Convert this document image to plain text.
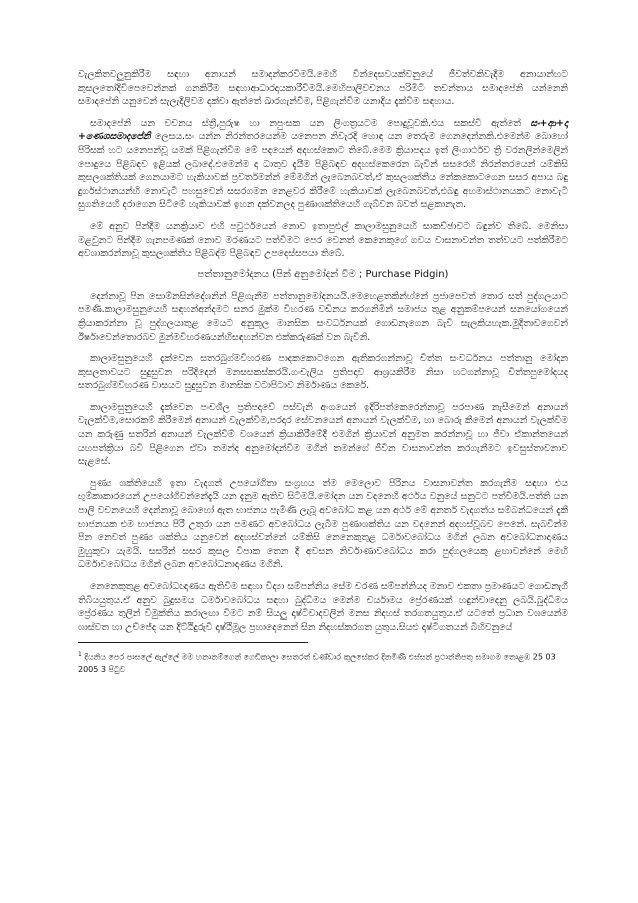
වැලකිතවලුනුකිරීම සඳහා අනායන් සමාදන්කරවීමයි.මෙහි වින්දෙසවයක්වනුයේ ජීවත්වකිවැදීම අනායාන්හට කුසලතෝදිවිපෙවෙන්නක් ගනකිරීම සඳහාආධාරදායකාරීවීමයි.මෙහිපාලිවචනය පරිමිටි තචන්තාය සමාදපේනි යන්නෙනි සමාදපේනි යනුවෙන් සැලැදිලිවම දක්වා ඇත්තේ ඛාරගැන්වීම, පිළිගැන්වීම යනාදිය දැක්වීම සඳහාය.

සමාදපේනි යන වචනය ස්ත්‍රී,පුරුෂ හා නපුංසක යන ලිංගත්‍රයටම පොදුවූවකි.එය සකස්වී ඇත්තේ සං+ආ+දා +ණෙශසමාදපේනි ලෙසය.සං යන්න නිරන්තරයෙන්ම යනෙපන නිවැරදි හොඳ යන තෙරුම ගෙනදෙන්නකි.එමෙන්ම බොහෝ පිරිසක් හට යනෙපන්වූ යමක් පිළිගැන්වීම මේ පදයෙන් අදහස්කොට තිබේ.මෙම ක්‍රියාපදය ඉත් ලිංගාර්ථව ත්‍රි වරනලින්මෙලින් පොදුයෙ පිළිබඳව ඉළියක් ලබාදේ.එමෙන්ම දා ධාතුව දැයීම පිළිබඳව අදහස්කෙරෙන බැවින් සසරෙහි නිරන්තරයෙන් යම්කිසි කුසලශක්තියක් ගෙනයාමට හැකියාවක් ප්‍රවර්තමන්න් මේමගින් ලැබෙනබවත්,ඒ කුසලශක්තිය නේකකොටගෙන සසර අපාය බඳු දුර්ගස්ථානයන්හි නොවැටී පහසුවෙන් සසරගමන නෙළවර කිරීමේ හැකියාවක් ලැබෙනබවත්,එබඳු අහමාස්ථානයකට නොවැටී සුගතියෙහි දරාගෙන සිටීමේ හැකියාවක් ඉහන දක්වනලද පුණාශක්තියෙහි ගැබ්වන බවත් සළකානැත.

මේ අනුව පින්දීම යනක්‍රියාව එහි පවුර්ථයෙන් නොව ඉතාපුළුල් කාලාමසුනුයෙහි සාකච්ඡාවට බඳුන්ව තිබේ. මෙනිසා මළවුනට පින්දීම ගැනපමණක් නොව මරණයට පත්වීමට පෙර වෙනත් කෙනෙකුගේ ගවය වාසනාවන්ත තත්වයට පත්කිරීමට අවශාකරන්නාවූ කුසලශක්තිය පිළිබඳ්ම පිළිබඳව උපදෙස්සපයා තිබේ.

පත්තානුමෝදනය (පින් අනුමෝදන් වීම ; Purchase Pidgin)

දෙන්නාවූ පින සොම්නසින්දේශනින් පිළිගැනීම පත්තානුමෝදනයයි.මෙහෙළතකින්හ්නේ ප්‍රජාපෙවත් තොර සත් පුද්ගලයාට පමණි.කාලාමසුනුයෙහි සඳහන්අන්දමට සනර මුක්ම විහරණ වඩිනය කරගනිමින් සමාජය තුළ අනුකම්පයෙන් සනයෝගයෙන් ක්‍රියාකරන්නා වූ පුද්ගලයාතුළ මෙයට අනුකූල මානසික සංවර්ධනයක් ගොඩනැගෙන බැවි සැලකියහැක.මුදිතාවගෙවන් ඊර්ෂාවෙන්තොරබව මුන්මවිහරණයන්හිසඳහන්වන එක්කරුණක් වන බැවිනි.

කාලාමසුනුයෙහි දැක්වෙන සතරබුග්මවිහරණ පාදකකොටගෙන ඇතිකරගන්නාවූ චිත්ත සංවර්ධනය පත්තානු මෝදන කුසලතාවයට සුදුසුවන පරිදිදෙන් මනසසකස්කරයි.ගංචැලිය ප්‍රතිපදාව ආශ්‍රයකිරීම නිසා හටගන්නාවූ චිත්තපුමෝදයද සතරබුග්මවිහරණ වාසයට සුදුසුවන මානසික වටාපිටාව නිර්මාණය කෙරේ.

කාලාමසුනුයෙහි දැක්වෙන පංචශීල ප්‍රතිපදාවේ පස්වැනි අංගයෙන් ඉදිරිපත්කෙරෙන්නාවූ පරපාණ නැසීමෙන් අනායන් වැලක්වීම,සොරකම් කිරීමෙන් අනායන් වැලක්වීම,පරදාර සේවනයෙන් අනායන් වැලක්වීම, හා බොරු කීමෙන් අනායන් වැලක්වීම යන කරුණු සතරින් අනායන් වැලක්වීම් වශයෙන් ක්‍රියාකිරීමේදී එමගින් ක්‍රියාවන් අනුමත කරන්නාවූ හා ජීවා ඒකාන්තයෙන් යහපත්ක්‍රියා බවි පිළිගෙන ඒවා තමන්ද අනුමෝදන්වීම මගින් තමන්ගේ ජීවින වාසනාවන්ත කරගැනීමට ඉවසුස්තාවනාව සැළසේ.

පුණ්‍ය ශක්තියෙහි ඉතා වැදගත් උපයෝගිතා සංග්‍රහය ත්ම මෙලොව පිරිනය වාසනාවන්ත කරගැනීම සඳහා එය භුම්කාකාරයෙන් උපයෝගිවන්නේදැයි යන දැනුම ඇතිව සිටීමයි.මෝදන යන වදනෙහි අර්ථය වනුයේ සනුටට පත්වීමයි.පත්ති යන පාලි වචනයෙහි දෙන්නාවූ බොහෝ ඇත භාජනය පැමිණි ලැබූ අවබෝධ කළ යන අර්ථ මේ අනර්ත වැදගත්ය සම්බන්ධයෙන් දැකී භාජනයක එම භාජනය පිරී උතුරා යන පමණට අවබෝධය ලැබීම පුණාශක්තිය යන වදනෙන් අදහස්වූබව පෙනේ. සැබවින්ම පින නෙවත් පුණ්‍ය ශක්තිය යනුවෙන් අදහස්වන්නේ යම්කිසි නෙනෙකුතුළ ධර්මාවබෝධය මගින් ලබන අවබෝධනාදාණය මුහුකුවා යැමයි. සසරින් සසර කුසල විපාක තෙන දී අවසන නිර්වාණාවබෝධය කරා පුද්ගලයෙකු ළඟාවන්නේ මෙහි ධර්මාවබෝධය මගින් ලබන අවබෝධනාදාණය මගිනි.

නෙනෙකුතුළ අවබෝධඥාණය ඇතිවීම සඳහා විද්‍යා සම්පන්නිය සේම චරණ සම්පන්නියද මනාව එකතා ප්‍රමාණයට ගොඩනැගී තිබියයුතුය.ඒ අනුව බුදුසමය ධර්මාවබෝධය සඳහා බුද්ධිමය මෙන්ම චර්යාමය ප්‍රේරණයක් හඳුන්වාදෙනු ලබයි.බුද්ධිමය ප්‍රේරණය තුලින් විමුක්තිය කරාලඟා වීමට නම් සියලු දෘෂ්ටිවාදවලින් මනස නිදහස් තරගතයුතුය.ඒ යටතේ ප්‍රධාන වශයෙන්ම ශාස්වත හා උච්ජේද යන දිට්ඨිදුරුවී දෘෂ්ඨිමූල ප්‍රහාදෙනෙන් සින නිදහස්කරගත යුතුය.සියළු දෘෂ්ටිගතයන් බිහිවනුයේ

$^1$ දියනිය පෙර පාසලේ ඇල්ලේ මම හනානම්ගෙන් ගෙඩිකාලා සෙතරත් ඩණ්ඩාර කුලසේකර දිනමිණි එස්සන් ප්‍රථාන්තිපතු සමාගම තොළඹ 25 03 2005 3 පිටුව
